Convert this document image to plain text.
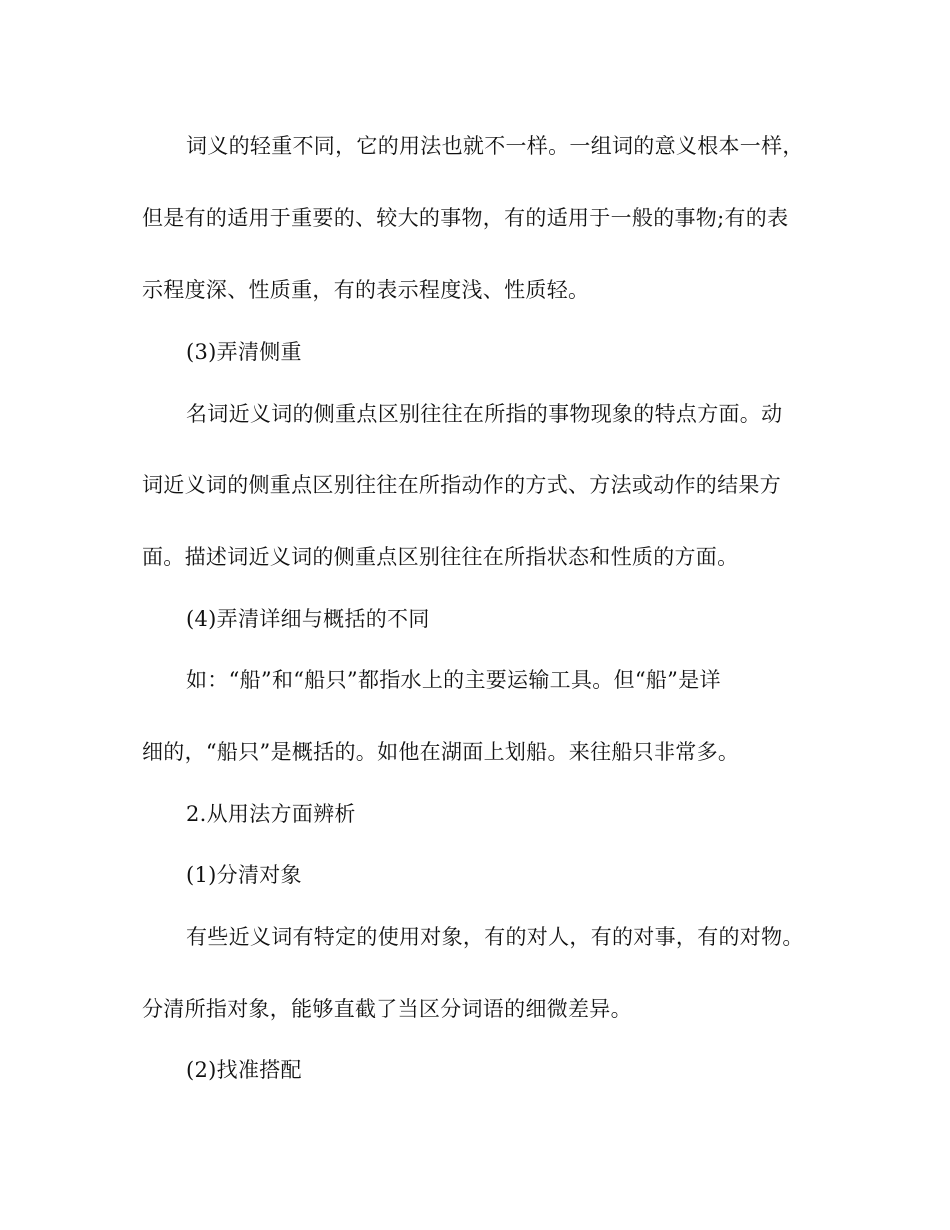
词义的轻重不同，它的用法也就不一样。一组词的意义根本一样，
但是有的适用于重要的、较大的事物，有的适用于一般的事物;有的表
示程度深、性质重，有的表示程度浅、性质轻。
(3)弄清侧重
名词近义词的侧重点区别往往在所指的事物现象的特点方面。动
词近义词的侧重点区别往往在所指动作的方式、方法或动作的结果方
面。描述词近义词的侧重点区别往往在所指状态和性质的方面。
(4)弄清详细与概括的不同
如：“船”和“船只”都指水上的主要运输工具。但“船”是详
细的，“船只”是概括的。如他在湖面上划船。来往船只非常多。
2.从用法方面辨析
(1)分清对象
有些近义词有特定的使用对象，有的对人，有的对事，有的对物。
分清所指对象，能够直截了当区分词语的细微差异。
(2)找准搭配
